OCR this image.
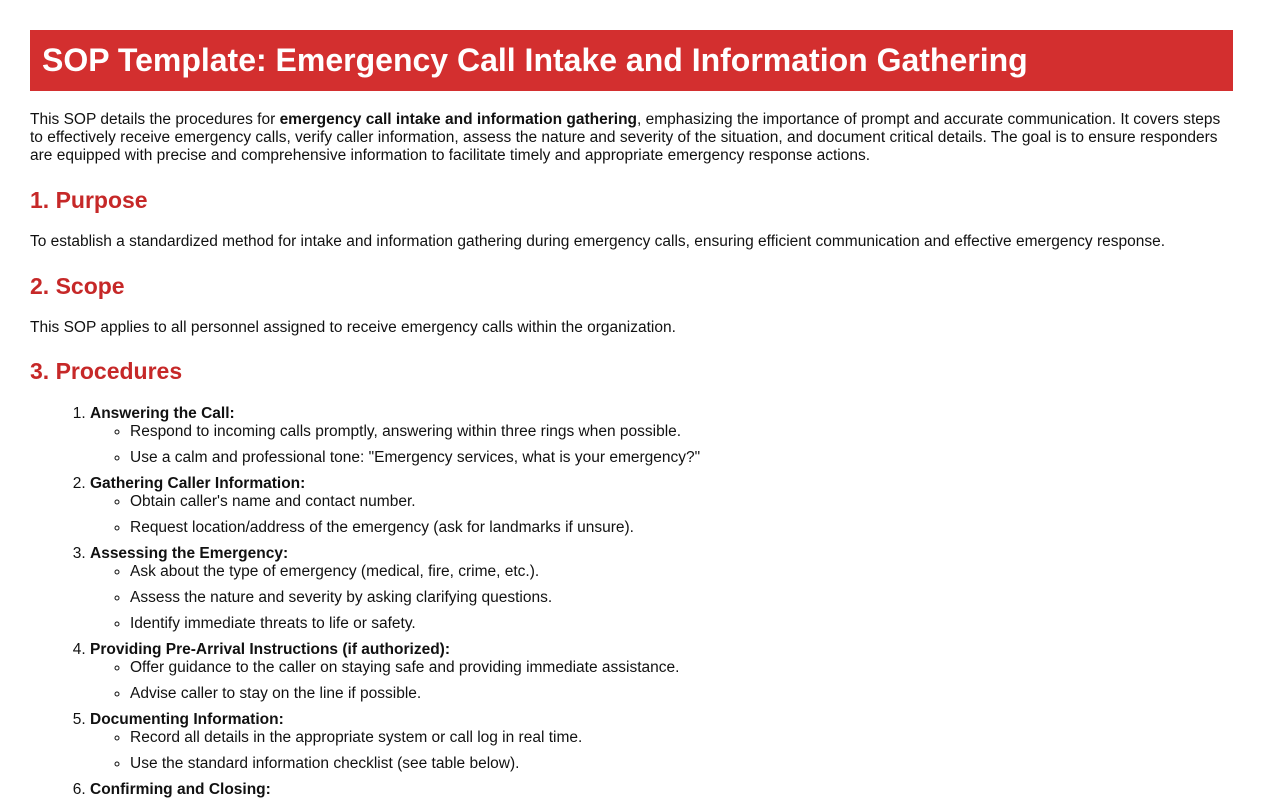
SOP Template: Emergency Call Intake and Information Gathering

This SOP details the procedures for emergency call intake and information gathering, emphasizing the importance of prompt and accurate communication. It covers steps to effectively receive emergency calls, verify caller information, assess the nature and severity of the situation, and document critical details. The goal is to ensure responders are equipped with precise and comprehensive information to facilitate timely and appropriate emergency response actions.

1. Purpose

To establish a standardized method for intake and information gathering during emergency calls, ensuring efficient communication and effective emergency response.

2. Scope

This SOP applies to all personnel assigned to receive emergency calls within the organization.

3. Procedures
1. Answering the Call:
◦ Respond to incoming calls promptly, answering within three rings when possible.
◦ Use a calm and professional tone: "Emergency services, what is your emergency?"
2. Gathering Caller Information:
◦ Obtain caller's name and contact number.
◦ Request location/address of the emergency (ask for landmarks if unsure).
3. Assessing the Emergency:
◦ Ask about the type of emergency (medical, fire, crime, etc.).
◦ Assess the nature and severity by asking clarifying questions.
◦ Identify immediate threats to life or safety.
4. Providing Pre-Arrival Instructions (if authorized):
◦ Offer guidance to the caller on staying safe and providing immediate assistance.
◦ Advise caller to stay on the line if possible.
5. Documenting Information:
◦ Record all details in the appropriate system or call log in real time.
◦ Use the standard information checklist (see table below).
6. Confirming and Closing:
